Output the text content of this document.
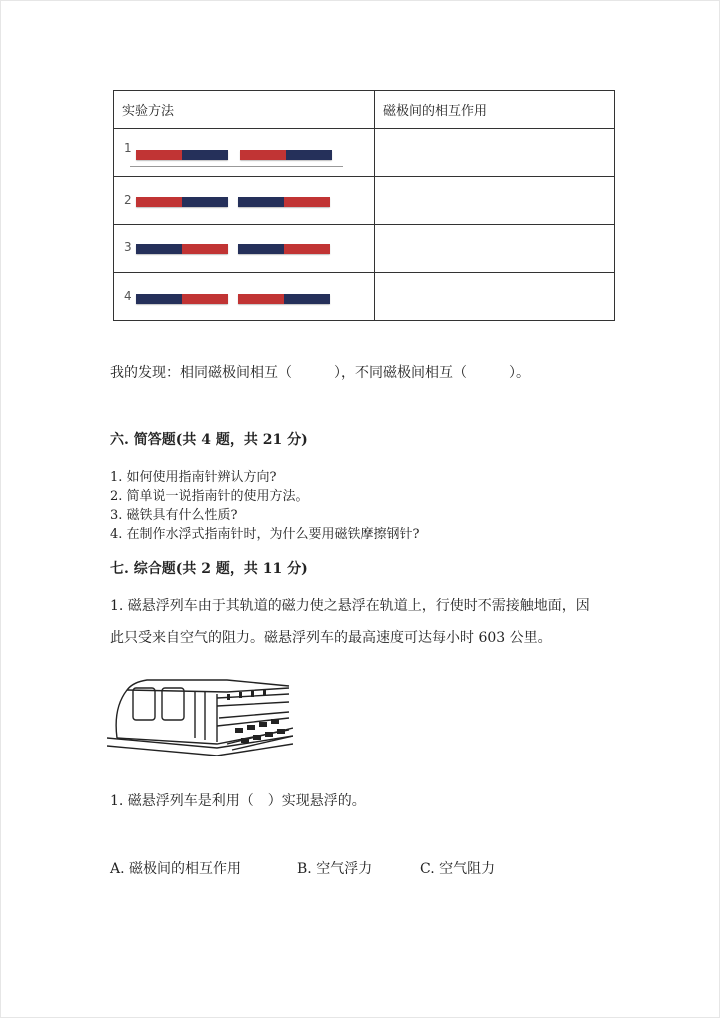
实验方法	磁极间的相互作用

1	

2	

3	

4	

我的发现：相同磁极间相互（　　　），不同磁极间相互（　　　）。
六. 简答题(共 4 题，共 21 分)
1. 如何使用指南针辨认方向?
2. 简单说一说指南针的使用方法。
3. 磁铁具有什么性质?
4. 在制作水浮式指南针时，为什么要用磁铁摩擦钢针?
七. 综合题(共 2 题，共 11 分)
1. 磁悬浮列车由于其轨道的磁力使之悬浮在轨道上，行使时不需接触地面，因
此只受来自空气的阻力。磁悬浮列车的最高速度可达每小时 603 公里。
1. 磁悬浮列车是利用（　）实现悬浮的。
A. 磁极间的相互作用	B. 空气浮力	C. 空气阻力
